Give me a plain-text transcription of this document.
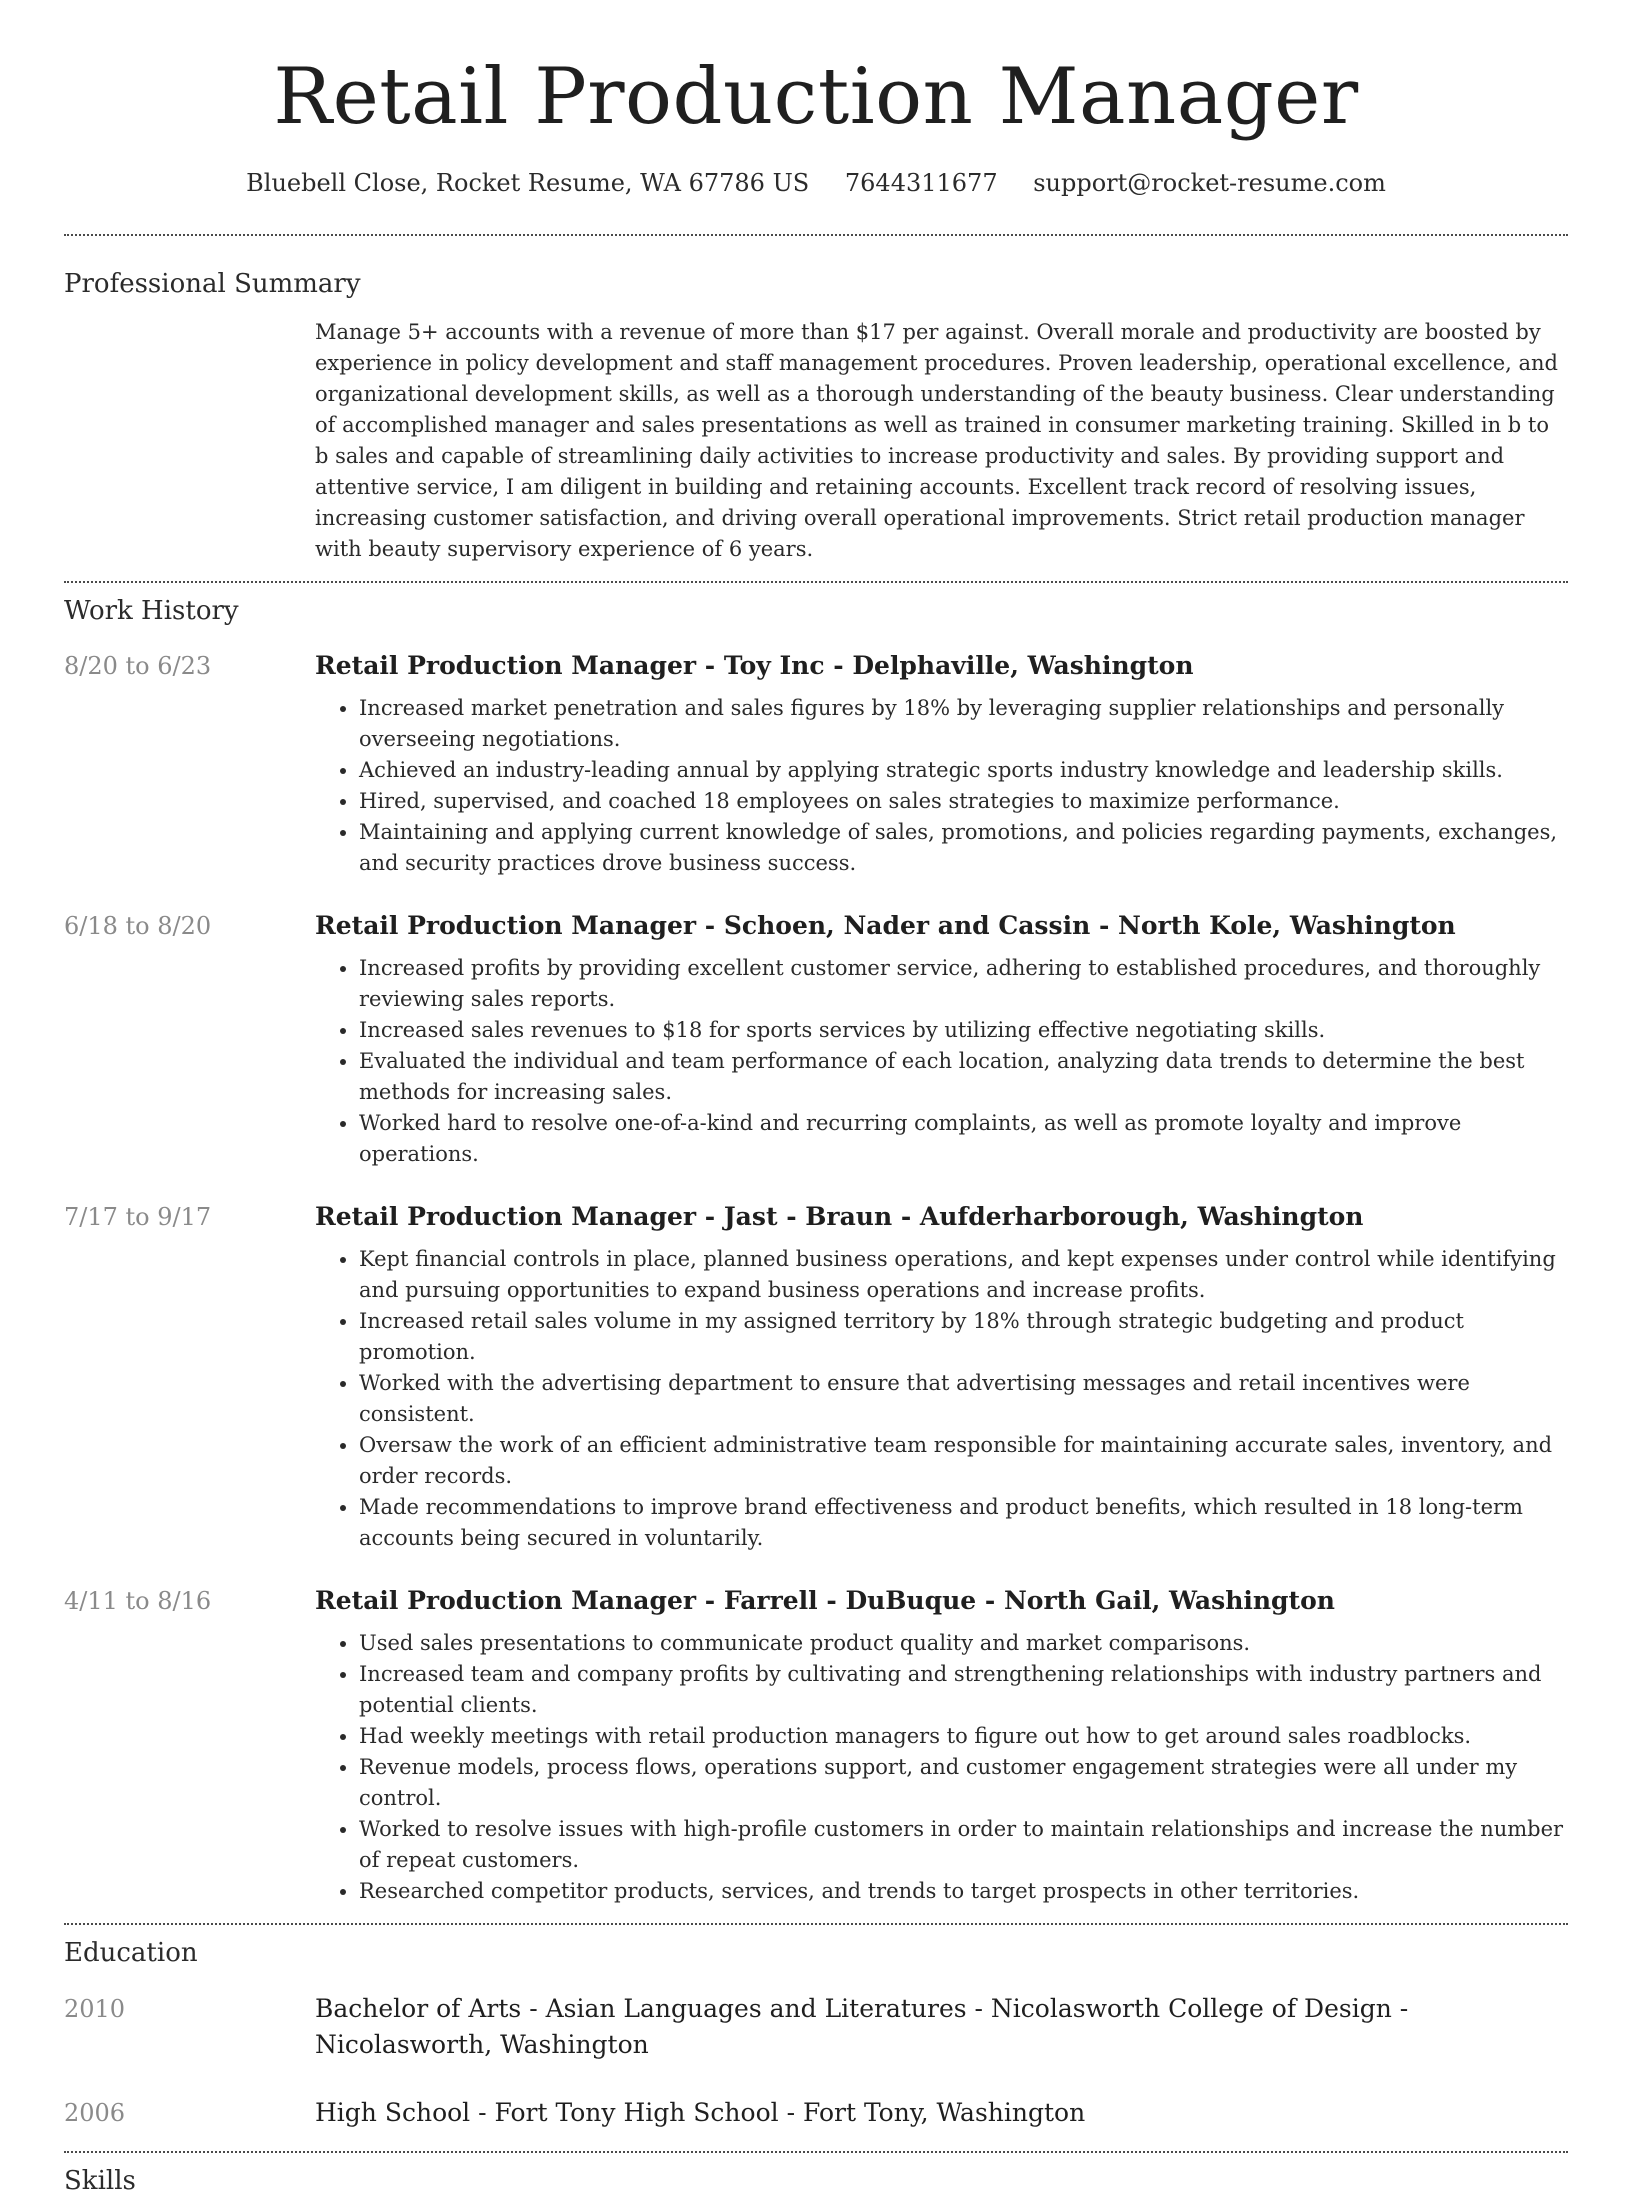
Retail Production Manager
Bluebell Close, Rocket Resume, WA 67786 US 7644311677 support@rocket-resume.com
Professional Summary

Manage 5+ accounts with a revenue of more than $17 per against. Overall morale and productivity are boosted by experience in policy development and staff management procedures. Proven leadership, operational excellence, and organizational development skills, as well as a thorough understanding of the beauty business. Clear understanding of accomplished manager and sales presentations as well as trained in consumer marketing training. Skilled in b to b sales and capable of streamlining daily activities to increase productivity and sales. By providing support and attentive service, I am diligent in building and retaining accounts. Excellent track record of resolving issues, increasing customer satisfaction, and driving overall operational improvements. Strict retail production manager with beauty supervisory experience of 6 years.

Work History
8/20 to 6/23	Retail Production Manager - Toy Inc - Delphaville, Washington
• Increased market penetration and sales figures by 18% by leveraging supplier relationships and personally overseeing negotiations.
• Achieved an industry-leading annual by applying strategic sports industry knowledge and leadership skills.
• Hired, supervised, and coached 18 employees on sales strategies to maximize performance.
• Maintaining and applying current knowledge of sales, promotions, and policies regarding payments, exchanges, and security practices drove business success.
6/18 to 8/20	Retail Production Manager - Schoen, Nader and Cassin - North Kole, Washington
• Increased profits by providing excellent customer service, adhering to established procedures, and thoroughly reviewing sales reports.
• Increased sales revenues to $18 for sports services by utilizing effective negotiating skills.
• Evaluated the individual and team performance of each location, analyzing data trends to determine the best methods for increasing sales.
• Worked hard to resolve one-of-a-kind and recurring complaints, as well as promote loyalty and improve operations.
7/17 to 9/17	Retail Production Manager - Jast - Braun - Aufderharborough, Washington
• Kept financial controls in place, planned business operations, and kept expenses under control while identifying and pursuing opportunities to expand business operations and increase profits.
• Increased retail sales volume in my assigned territory by 18% through strategic budgeting and product promotion.
• Worked with the advertising department to ensure that advertising messages and retail incentives were consistent.
• Oversaw the work of an efficient administrative team responsible for maintaining accurate sales, inventory, and order records.
• Made recommendations to improve brand effectiveness and product benefits, which resulted in 18 long-term accounts being secured in voluntarily.
4/11 to 8/16	Retail Production Manager - Farrell - DuBuque - North Gail, Washington
• Used sales presentations to communicate product quality and market comparisons.
• Increased team and company profits by cultivating and strengthening relationships with industry partners and potential clients.
• Had weekly meetings with retail production managers to figure out how to get around sales roadblocks.
• Revenue models, process flows, operations support, and customer engagement strategies were all under my control.
• Worked to resolve issues with high-profile customers in order to maintain relationships and increase the number of repeat customers.
• Researched competitor products, services, and trends to target prospects in other territories.
Education
2010	Bachelor of Arts - Asian Languages and Literatures - Nicolasworth College of Design - Nicolasworth, Washington

2006	High School - Fort Tony High School - Fort Tony, Washington

Skills
